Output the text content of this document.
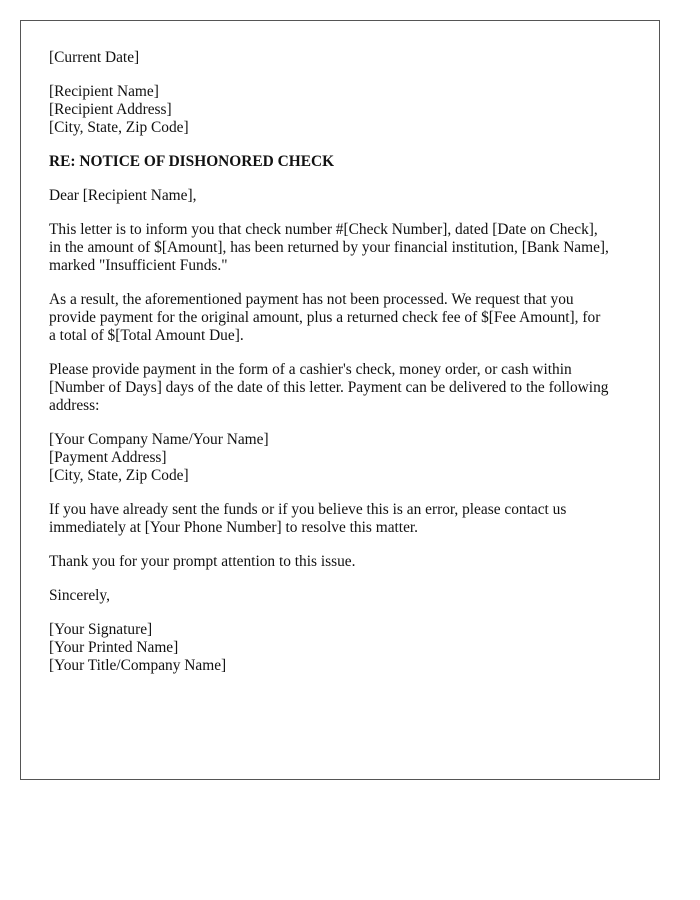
[Current Date]
[Recipient Name]
[Recipient Address]
[City, State, Zip Code]
RE: NOTICE OF DISHONORED CHECK
Dear [Recipient Name],
This letter is to inform you that check number #[Check Number], dated [Date on Check],
in the amount of $[Amount], has been returned by your financial institution, [Bank Name],
marked "Insufficient Funds."
As a result, the aforementioned payment has not been processed. We request that you
provide payment for the original amount, plus a returned check fee of $[Fee Amount], for
a total of $[Total Amount Due].
Please provide payment in the form of a cashier's check, money order, or cash within
[Number of Days] days of the date of this letter. Payment can be delivered to the following
address:
[Your Company Name/Your Name]
[Payment Address]
[City, State, Zip Code]
If you have already sent the funds or if you believe this is an error, please contact us
immediately at [Your Phone Number] to resolve this matter.
Thank you for your prompt attention to this issue.
Sincerely,
[Your Signature]
[Your Printed Name]
[Your Title/Company Name]
